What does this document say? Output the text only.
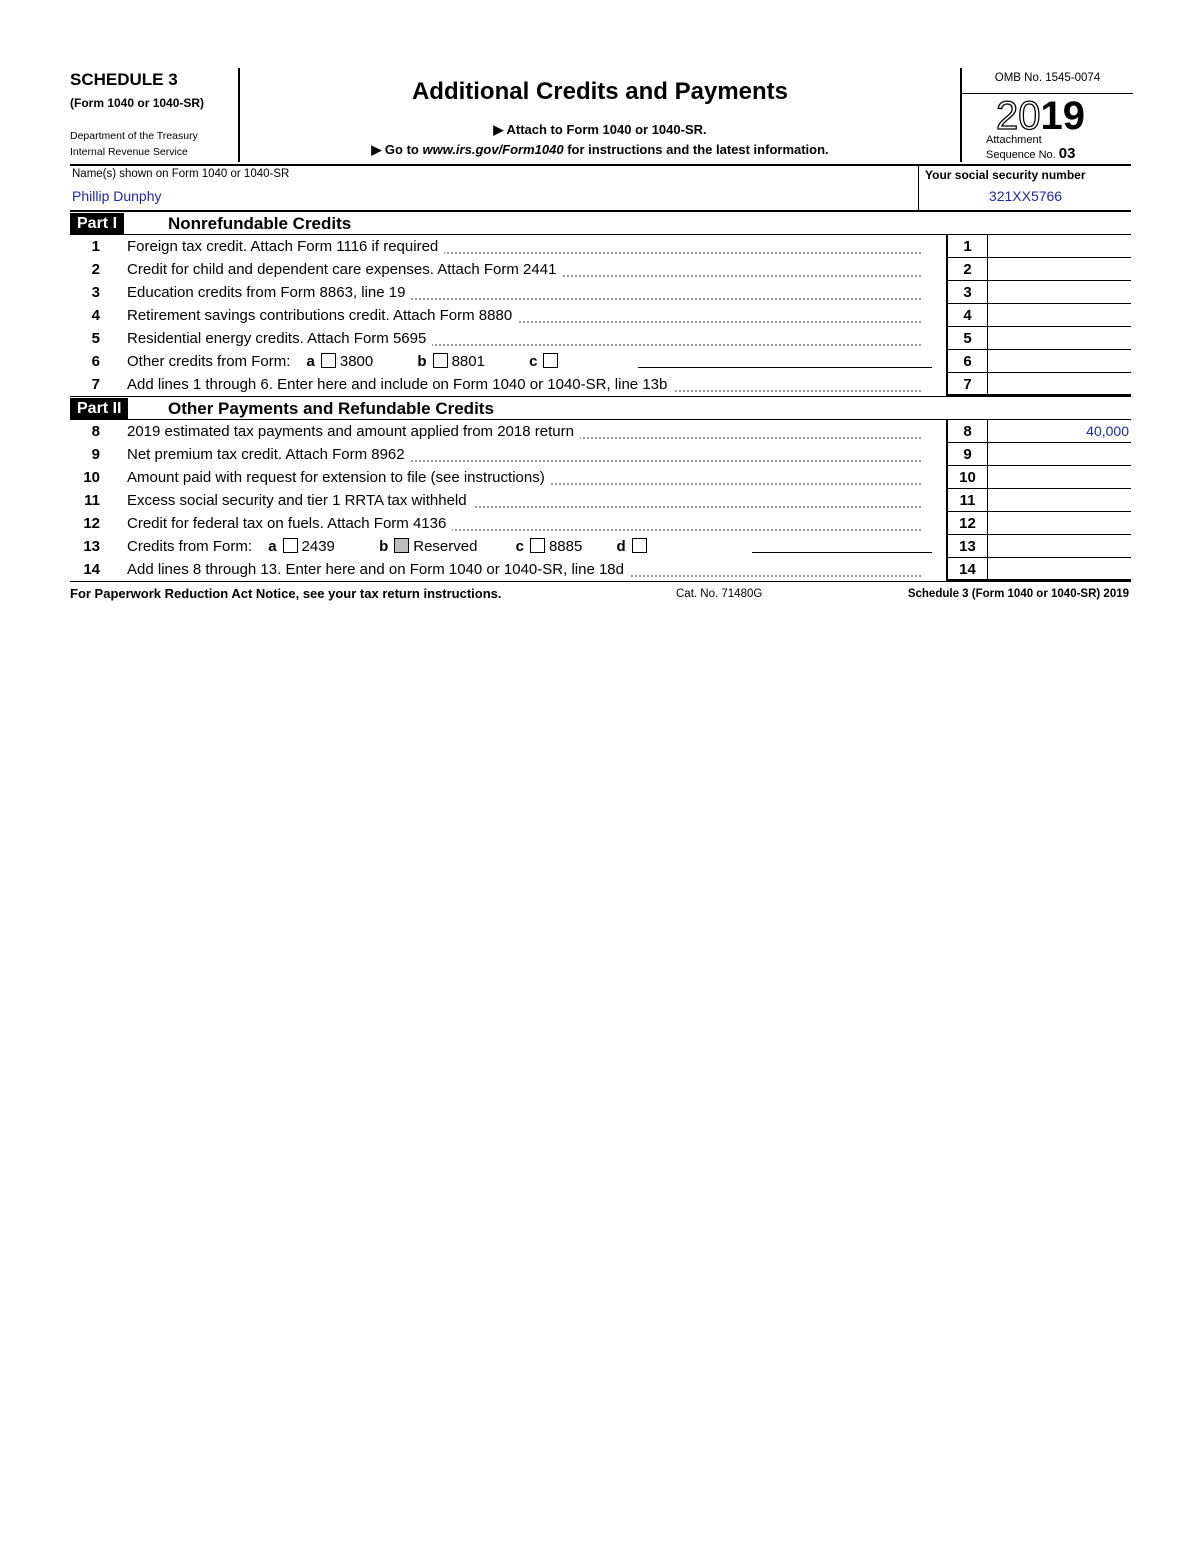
SCHEDULE 3
(Form 1040 or 1040-SR)
Department of the Treasury
Internal Revenue Service
Additional Credits and Payments
▶ Attach to Form 1040 or 1040-SR.
▶ Go to www.irs.gov/Form1040 for instructions and the latest information.
OMB No. 1545-0074
2019
Attachment
Sequence No. 03
Name(s) shown on Form 1040 or 1040-SR
Phillip Dunphy
Your social security number
321XX5766
Part I	Nonrefundable Credits
1 Foreign tax credit. Attach Form 1116 if required	1
2 Credit for child and dependent care expenses. Attach Form 2441	2
3 Education credits from Form 8863, line 19	3
4 Retirement savings contributions credit. Attach Form 8880	4
5 Residential energy credits. Attach Form 5695	5
6 Other credits from Form: a 3800	b 8801	c	6
7 Add lines 1 through 6. Enter here and include on Form 1040 or 1040-SR, line 13b	7
Part II	Other Payments and Refundable Credits
8 2019 estimated tax payments and amount applied from 2018 return	8	40,000
9 Net premium tax credit. Attach Form 8962	9
10 Amount paid with request for extension to file (see instructions)	10
11 Excess social security and tier 1 RRTA tax withheld	11
12 Credit for federal tax on fuels. Attach Form 4136	12
13 Credits from Form: a 2439	b Reserved	c 8885 d	13
14 Add lines 8 through 13. Enter here and on Form 1040 or 1040-SR, line 18d	14
For Paperwork Reduction Act Notice, see your tax return instructions.	Cat. No. 71480G	Schedule 3 (Form 1040 or 1040-SR) 2019
